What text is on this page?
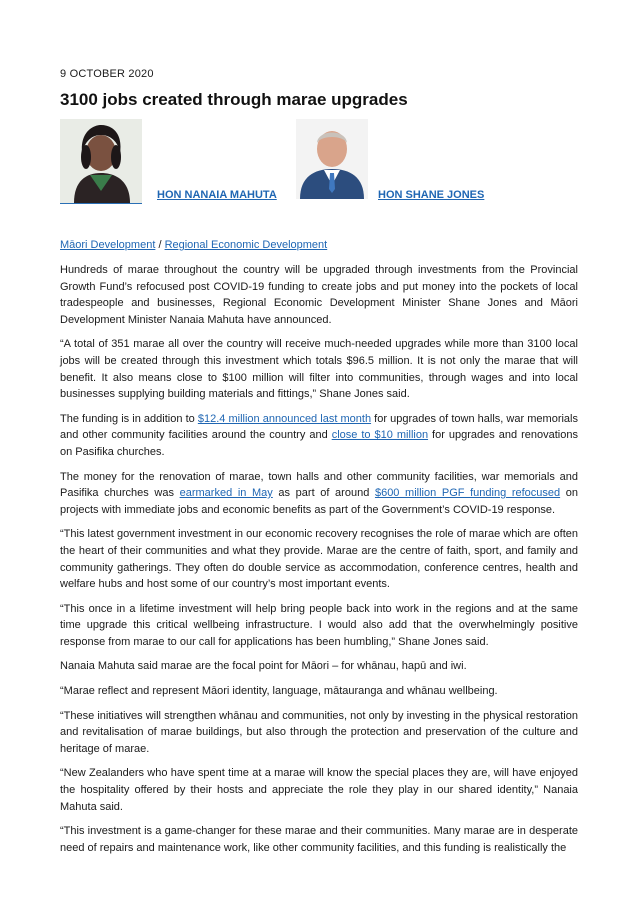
9 OCTOBER 2020
3100 jobs created through marae upgrades
HON NANAIA MAHUTA	HON SHANE JONES
Māori Development / Regional Economic Development

Hundreds of marae throughout the country will be upgraded through investments from the Provincial Growth Fund’s refocused post COVID-19 funding to create jobs and put money into the pockets of local tradespeople and businesses, Regional Economic Development Minister Shane Jones and Māori Development Minister Nanaia Mahuta have announced.

“A total of 351 marae all over the country will receive much-needed upgrades while more than 3100 local jobs will be created through this investment which totals $96.5 million. It is not only the marae that will benefit. It also means close to $100 million will filter into communities, through wages and into local businesses supplying building materials and fittings,” Shane Jones said.

The funding is in addition to $12.4 million announced last month for upgrades of town halls, war memorials and other community facilities around the country and close to $10 million for upgrades and renovations on Pasifika churches.

The money for the renovation of marae, town halls and other community facilities, war memorials and Pasifika churches was earmarked in May as part of around $600 million PGF funding refocused on projects with immediate jobs and economic benefits as part of the Government’s COVID-19 response.

“This latest government investment in our economic recovery recognises the role of marae which are often the heart of their communities and what they provide. Marae are the centre of faith, sport, and family and community gatherings. They often do double service as accommodation, conference centres, health and welfare hubs and host some of our country’s most important events.

“This once in a lifetime investment will help bring people back into work in the regions and at the same time upgrade this critical wellbeing infrastructure. I would also add that the overwhelmingly positive response from marae to our call for applications has been humbling,” Shane Jones said.

Nanaia Mahuta said marae are the focal point for Māori – for whānau, hapū and iwi.

“Marae reflect and represent Māori identity, language, mātauranga and whānau wellbeing.

“These initiatives will strengthen whānau and communities, not only by investing in the physical restoration and revitalisation of marae buildings, but also through the protection and preservation of the culture and heritage of marae.

“New Zealanders who have spent time at a marae will know the special places they are, will have enjoyed the hospitality offered by their hosts and appreciate the role they play in our shared identity,” Nanaia Mahuta said.

“This investment is a game-changer for these marae and their communities. Many marae are in desperate need of repairs and maintenance work, like other community facilities, and this funding is realistically the
